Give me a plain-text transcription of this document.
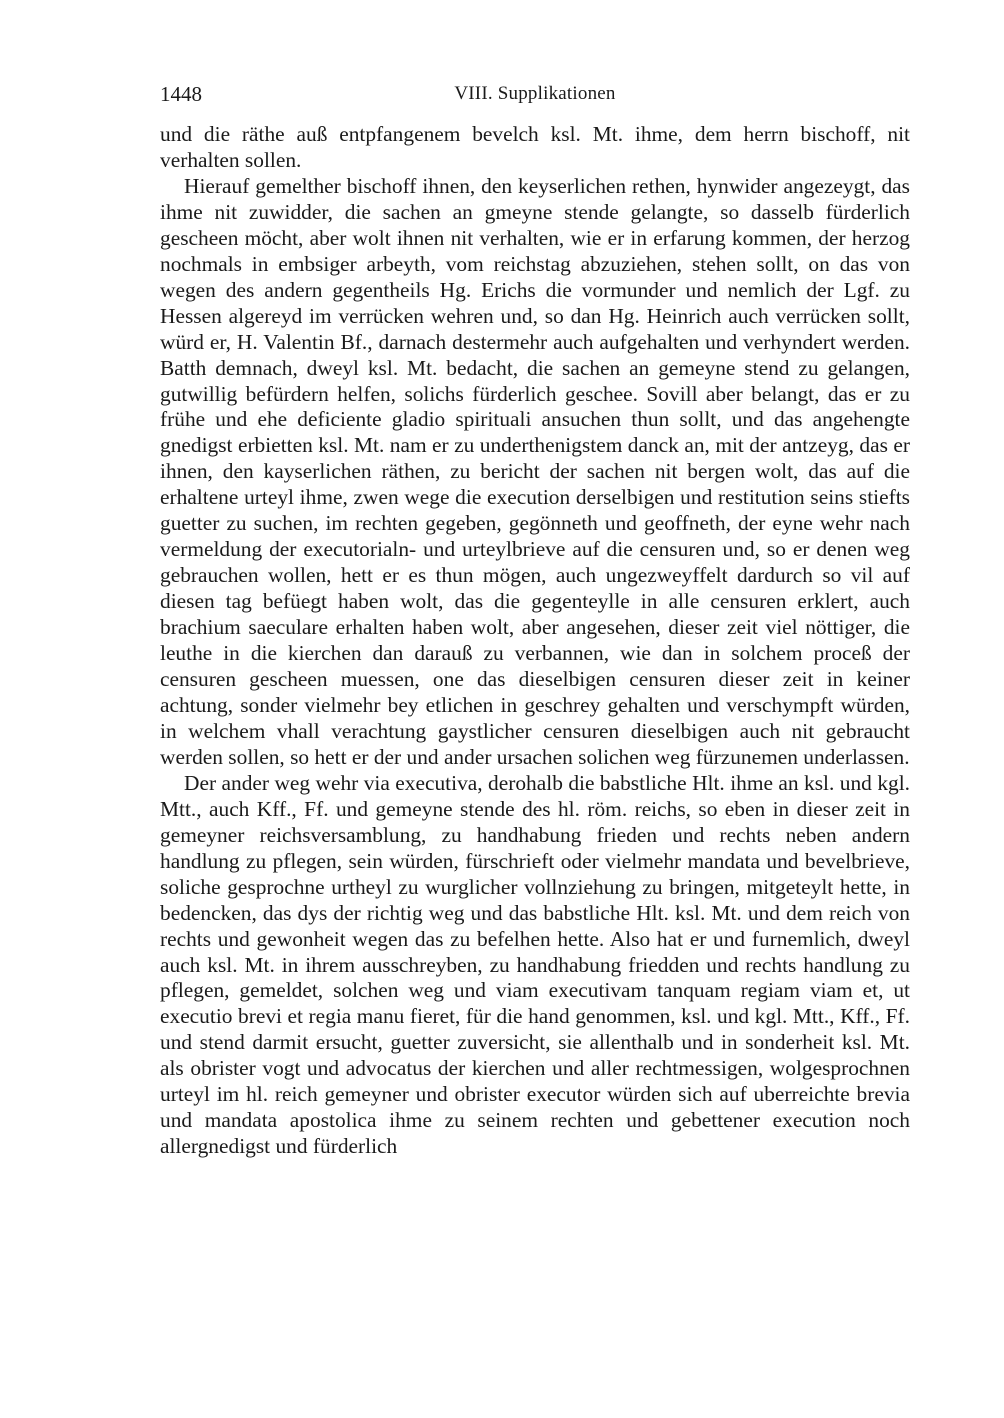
1448	VIII. Supplikationen

und die räthe auß entpfangenem bevelch ksl. Mt. ihme, dem herrn bischoff, nit verhalten sollen.

Hierauf gemelther bischoff ihnen, den keyserlichen rethen, hynwider angezeygt, das ihme nit zuwidder, die sachen an gmeyne stende gelangte, so dasselb fürderlich gescheen möcht, aber wolt ihnen nit verhalten, wie er in erfarung kommen, der herzog nochmals in embsiger arbeyth, vom reichstag abzuziehen, stehen sollt, on das von wegen des andern gegentheils Hg. Erichs die vormunder und nemlich der Lgf. zu Hessen algereyd im verrücken wehren und, so dan Hg. Heinrich auch verrücken sollt, würd er, H. Valentin Bf., darnach destermehr auch aufgehalten und verhyndert werden. Batth demnach, dweyl ksl. Mt. bedacht, die sachen an gemeyne stend zu gelangen, gutwillig befürdern helfen, solichs fürderlich geschee. Sovill aber belangt, das er zu frühe und ehe deficiente gladio spirituali ansuchen thun sollt, und das angehengte gnedigst erbietten ksl. Mt. nam er zu underthenigstem danck an, mit der antzeyg, das er ihnen, den kayserlichen räthen, zu bericht der sachen nit bergen wolt, das auf die erhaltene urteyl ihme, zwen wege die execution derselbigen und restitution seins stiefts guetter zu suchen, im rechten gegeben, gegönneth und geoffneth, der eyne wehr nach vermeldung der executorialn- und urteylbrieve auf die censuren und, so er denen weg gebrauchen wollen, hett er es thun mögen, auch ungezweyffelt dardurch so vil auf diesen tag befüegt haben wolt, das die gegenteylle in alle censuren erklert, auch brachium saeculare erhalten haben wolt, aber angesehen, dieser zeit viel nöttiger, die leuthe in die kierchen dan darauß zu verbannen, wie dan in solchem proceß der censuren gescheen muessen, one das dieselbigen censuren dieser zeit in keiner achtung, sonder vielmehr bey etlichen in geschrey gehalten und verschympft würden, in welchem vhall verachtung gaystlicher censuren dieselbigen auch nit gebraucht werden sollen, so hett er der und ander ursachen solichen weg fürzunemen underlassen.

Der ander weg wehr via executiva, derohalb die babstliche Hlt. ihme an ksl. und kgl. Mtt., auch Kff., Ff. und gemeyne stende des hl. röm. reichs, so eben in dieser zeit in gemeyner reichsversamblung, zu handhabung frieden und rechts neben andern handlung zu pflegen, sein würden, fürschrieft oder vielmehr mandata und bevelbrieve, soliche gesprochne urtheyl zu wurglicher vollnziehung zu bringen, mitgeteylt hette, in bedencken, das dys der richtig weg und das babstliche Hlt. ksl. Mt. und dem reich von rechts und gewonheit wegen das zu befelhen hette. Also hat er und furnemlich, dweyl auch ksl. Mt. in ihrem ausschreyben, zu handhabung friedden und rechts handlung zu pflegen, gemeldet, solchen weg und viam executivam tanquam regiam viam et, ut executio brevi et regia manu fieret, für die hand genommen, ksl. und kgl. Mtt., Kff., Ff. und stend darmit ersucht, guetter zuversicht, sie allenthalb und in sonderheit ksl. Mt. als obrister vogt und advocatus der kierchen und aller rechtmessigen, wolgesprochnen urteyl im hl. reich gemeyner und obrister executor würden sich auf uberreichte brevia und mandata apostolica ihme zu seinem rechten und gebettener execution noch allergnedigst und fürderlich
